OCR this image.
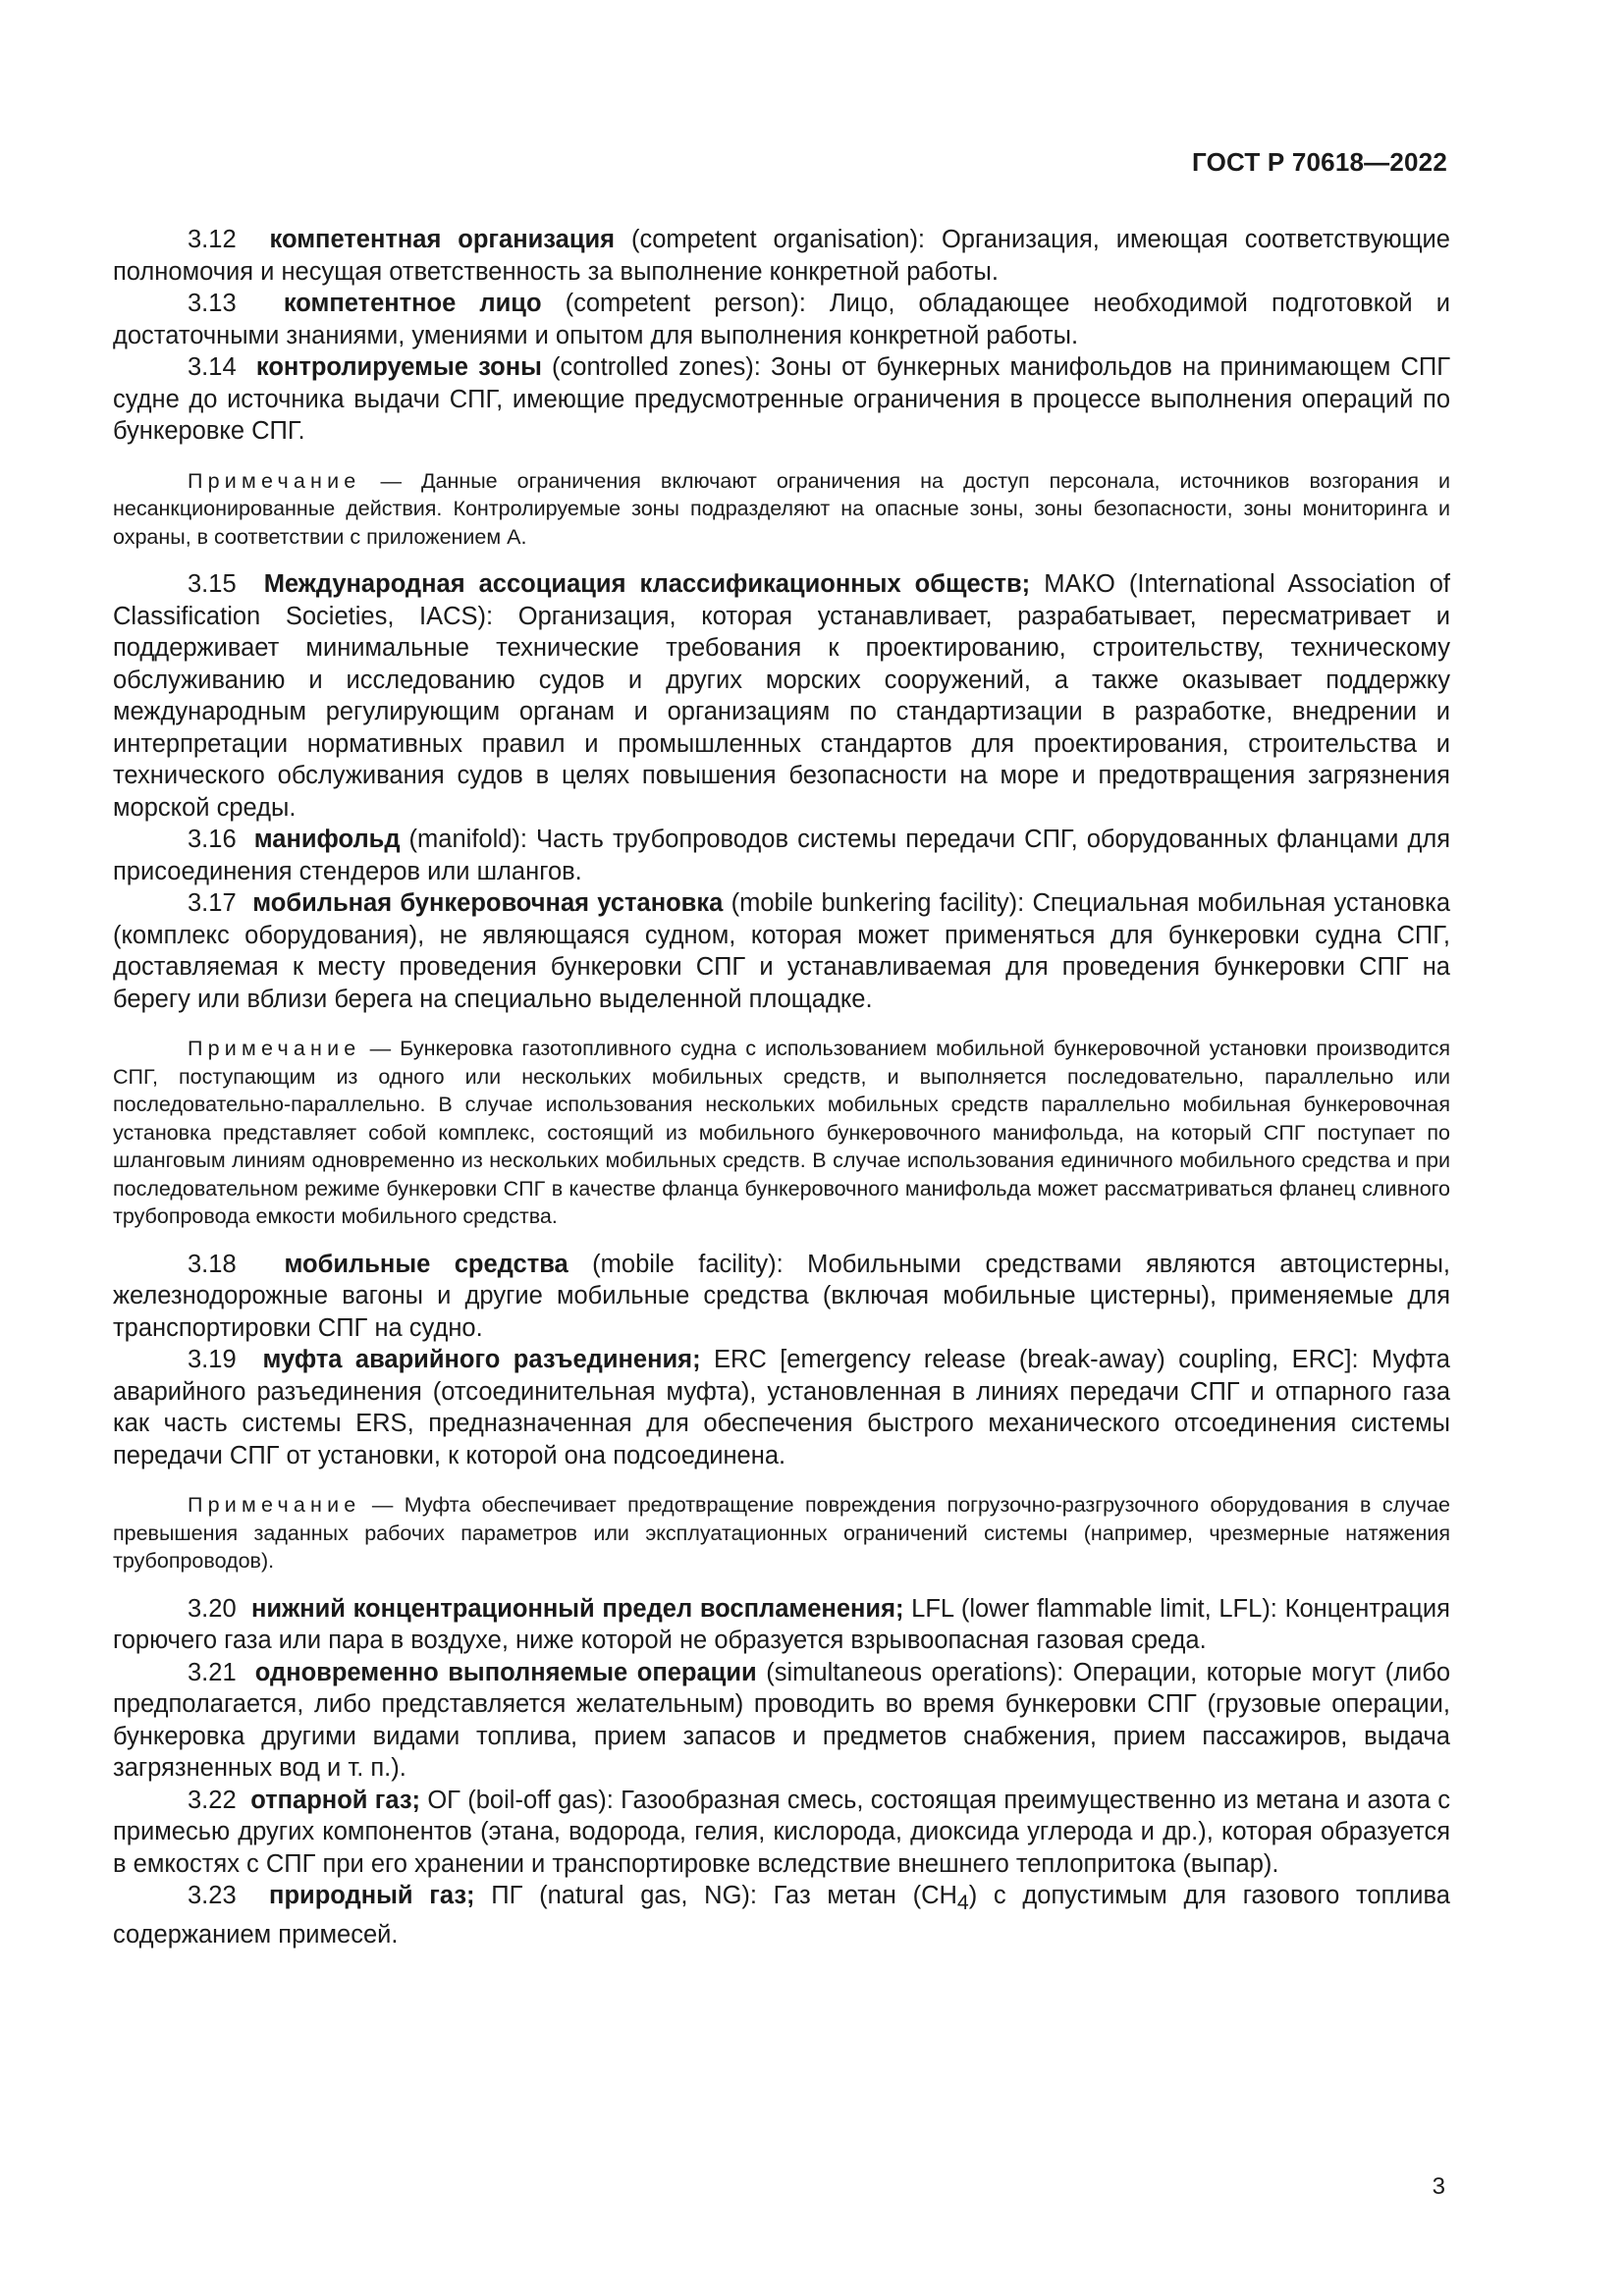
ГОСТ Р 70618—2022

3.12 компетентная организация (competent organisation): Организация, имеющая соответствующие полномочия и несущая ответственность за выполнение конкретной работы.

3.13 компетентное лицо (competent person): Лицо, обладающее необходимой подготовкой и достаточными знаниями, умениями и опытом для выполнения конкретной работы.

3.14 контролируемые зоны (controlled zones): Зоны от бункерных манифольдов на принимающем СПГ судне до источника выдачи СПГ, имеющие предусмотренные ограничения в процессе выполнения операций по бункеровке СПГ.

Примечание — Данные ограничения включают ограничения на доступ персонала, источников возгорания и несанкционированные действия. Контролируемые зоны подразделяют на опасные зоны, зоны безопасности, зоны мониторинга и охраны, в соответствии с приложением А.

3.15 Международная ассоциация классификационных обществ; МАКО (International Association of Classification Societies, IACS): Организация, которая устанавливает, разрабатывает, пересматривает и поддерживает минимальные технические требования к проектированию, строительству, техническому обслуживанию и исследованию судов и других морских сооружений, а также оказывает поддержку международным регулирующим органам и организациям по стандартизации в разработке, внедрении и интерпретации нормативных правил и промышленных стандартов для проектирования, строительства и технического обслуживания судов в целях повышения безопасности на море и предотвращения загрязнения морской среды.

3.16 манифольд (manifold): Часть трубопроводов системы передачи СПГ, оборудованных фланцами для присоединения стендеров или шлангов.

3.17 мобильная бункеровочная установка (mobile bunkering facility): Специальная мобильная установка (комплекс оборудования), не являющаяся судном, которая может применяться для бункеровки судна СПГ, доставляемая к месту проведения бункеровки СПГ и устанавливаемая для проведения бункеровки СПГ на берегу или вблизи берега на специально выделенной площадке.

Примечание — Бункеровка газотопливного судна с использованием мобильной бункеровочной установки производится СПГ, поступающим из одного или нескольких мобильных средств, и выполняется последовательно, параллельно или последовательно-параллельно. В случае использования нескольких мобильных средств параллельно мобильная бункеровочная установка представляет собой комплекс, состоящий из мобильного бункеровочного манифольда, на который СПГ поступает по шланговым линиям одновременно из нескольких мобильных средств. В случае использования единичного мобильного средства и при последовательном режиме бункеровки СПГ в качестве фланца бункеровочного манифольда может рассматриваться фланец сливного трубопровода емкости мобильного средства.

3.18 мобильные средства (mobile facility): Мобильными средствами являются автоцистерны, железнодорожные вагоны и другие мобильные средства (включая мобильные цистерны), применяемые для транспортировки СПГ на судно.

3.19 муфта аварийного разъединения; ERC [emergency release (break-away) coupling, ERC]: Муфта аварийного разъединения (отсоединительная муфта), установленная в линиях передачи СПГ и отпарного газа как часть системы ERS, предназначенная для обеспечения быстрого механического отсоединения системы передачи СПГ от установки, к которой она подсоединена.

Примечание — Муфта обеспечивает предотвращение повреждения погрузочно-разгрузочного оборудования в случае превышения заданных рабочих параметров или эксплуатационных ограничений системы (например, чрезмерные натяжения трубопроводов).

3.20 нижний концентрационный предел воспламенения; LFL (lower flammable limit, LFL): Концентрация горючего газа или пара в воздухе, ниже которой не образуется взрывоопасная газовая среда.

3.21 одновременно выполняемые операции (simultaneous operations): Операции, которые могут (либо предполагается, либо представляется желательным) проводить во время бункеровки СПГ (грузовые операции, бункеровка другими видами топлива, прием запасов и предметов снабжения, прием пассажиров, выдача загрязненных вод и т. п.).

3.22 отпарной газ; ОГ (boil-off gas): Газообразная смесь, состоящая преимущественно из метана и азота с примесью других компонентов (этана, водорода, гелия, кислорода, диоксида углерода и др.), которая образуется в емкостях с СПГ при его хранении и транспортировке вследствие внешнего теплопритока (выпар).

3.23 природный газ; ПГ (natural gas, NG): Газ метан $(CH_4)$ с допустимым для газового топлива содержанием примесей.

3
